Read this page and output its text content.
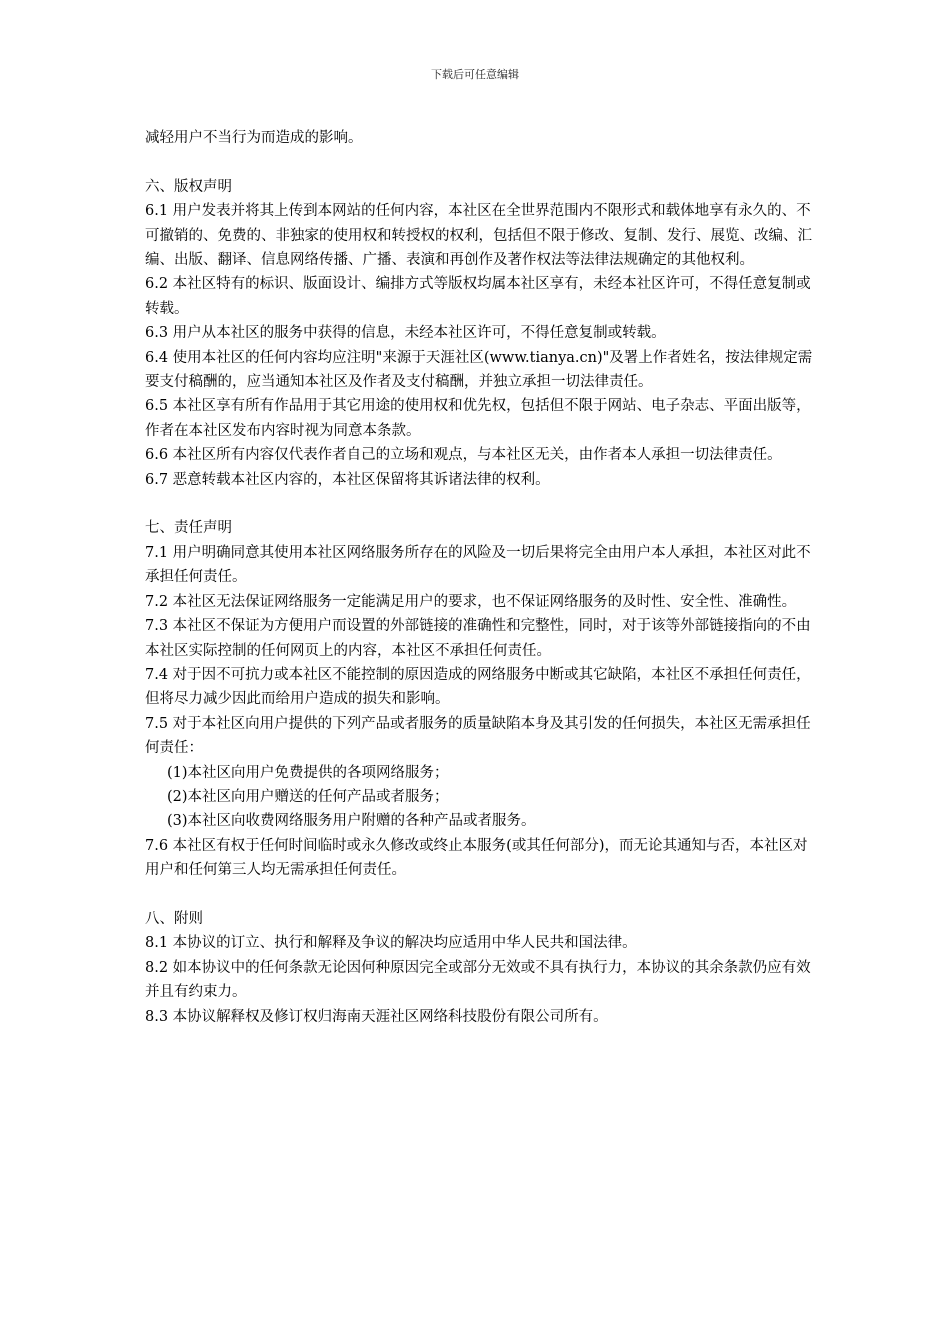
下载后可任意编辑

减轻用户不当行为而造成的影响。

六、版权声明

6.1 用户发表并将其上传到本网站的任何内容，本社区在全世界范围内不限形式和载体地享有永久的、不可撤销的、免费的、非独家的使用权和转授权的权利，包括但不限于修改、复制、发行、展览、改编、汇编、出版、翻译、信息网络传播、广播、表演和再创作及著作权法等法律法规确定的其他权利。

6.2 本社区特有的标识、版面设计、编排方式等版权均属本社区享有，未经本社区许可，不得任意复制或转载。

6.3 用户从本社区的服务中获得的信息，未经本社区许可，不得任意复制或转载。

6.4 使用本社区的任何内容均应注明"来源于天涯社区(www.tianya.cn)"及署上作者姓名，按法律规定需要支付稿酬的，应当通知本社区及作者及支付稿酬，并独立承担一切法律责任。

6.5 本社区享有所有作品用于其它用途的使用权和优先权，包括但不限于网站、电子杂志、平面出版等，作者在本社区发布内容时视为同意本条款。

6.6 本社区所有内容仅代表作者自己的立场和观点，与本社区无关，由作者本人承担一切法律责任。

6.7 恶意转载本社区内容的，本社区保留将其诉诸法律的权利。

七、责任声明

7.1 用户明确同意其使用本社区网络服务所存在的风险及一切后果将完全由用户本人承担，本社区对此不承担任何责任。

7.2 本社区无法保证网络服务一定能满足用户的要求，也不保证网络服务的及时性、安全性、准确性。

7.3 本社区不保证为方便用户而设置的外部链接的准确性和完整性，同时，对于该等外部链接指向的不由本社区实际控制的任何网页上的内容，本社区不承担任何责任。

7.4 对于因不可抗力或本社区不能控制的原因造成的网络服务中断或其它缺陷，本社区不承担任何责任，但将尽力减少因此而给用户造成的损失和影响。

7.5 对于本社区向用户提供的下列产品或者服务的质量缺陷本身及其引发的任何损失，本社区无需承担任何责任：

(1)本社区向用户免费提供的各项网络服务；

(2)本社区向用户赠送的任何产品或者服务；

(3)本社区向收费网络服务用户附赠的各种产品或者服务。

7.6 本社区有权于任何时间临时或永久修改或终止本服务(或其任何部分)，而无论其通知与否，本社区对用户和任何第三人均无需承担任何责任。

八、附则

8.1 本协议的订立、执行和解释及争议的解决均应适用中华人民共和国法律。

8.2 如本协议中的任何条款无论因何种原因完全或部分无效或不具有执行力，本协议的其余条款仍应有效并且有约束力。

8.3 本协议解释权及修订权归海南天涯社区网络科技股份有限公司所有。
